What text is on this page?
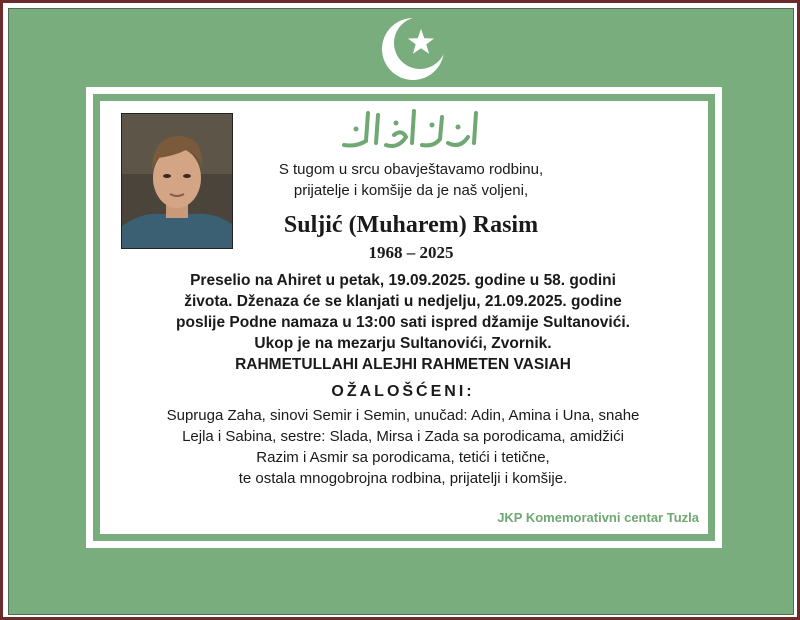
S tugom u srcu obavještavamo rodbinu,
prijatelje i komšije da je naš voljeni,
Suljić (Muharem) Rasim
1968 – 2025
Preselio na Ahiret u petak, 19.09.2025. godine u 58. godini
života. Dženaza će se klanjati u nedjelju, 21.09.2025. godine
poslije Podne namaza u 13:00 sati ispred džamije Sultanovići.
Ukop je na mezarju Sultanovići, Zvornik.
RAHMETULLAHI ALEJHI RAHMETEN VASIAH
OŽALOŠĆENI:
Supruga Zaha, sinovi Semir i Semin, unučad: Adin, Amina i Una, snahe
Lejla i Sabina, sestre: Slada, Mirsa i Zada sa porodicama, amidžići
Razim i Asmir sa porodicama, tetići i tetične,
te ostala mnogobrojna rodbina, prijatelji i komšije.
JKP Komemorativni centar Tuzla
